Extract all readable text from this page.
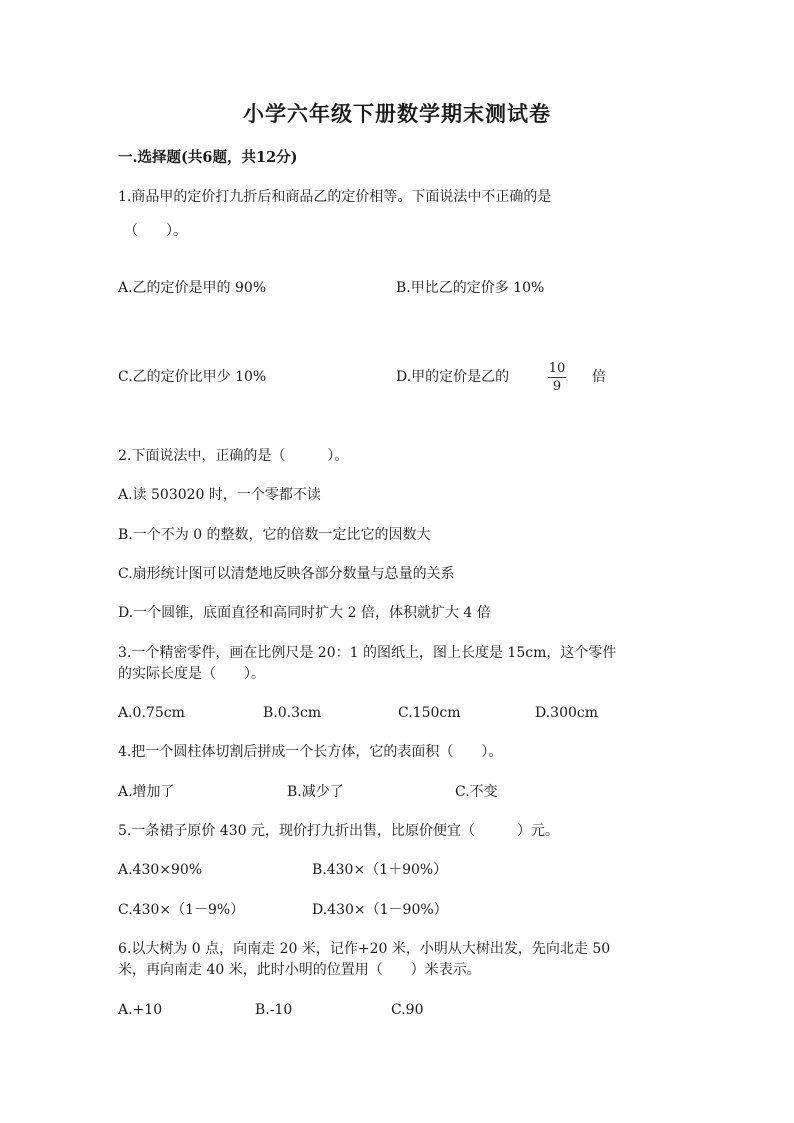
小学六年级下册数学期末测试卷
一.选择题(共6题，共12分)
1.商品甲的定价打九折后和商品乙的定价相等。下面说法中不正确的是
（　　）。
A.乙的定价是甲的 90%	B.甲比乙的定价多 10%
C.乙的定价比甲少 10%	D.甲的定价是乙的
10
9
倍
2.下面说法中，正确的是（　　　）。
A.读 503020 时，一个零都不读
B.一个不为 0 的整数，它的倍数一定比它的因数大
C.扇形统计图可以清楚地反映各部分数量与总量的关系
D.一个圆锥，底面直径和高同时扩大 2 倍，体积就扩大 4 倍
3.一个精密零件，画在比例尺是 20：1 的图纸上，图上长度是 15cm，这个零件
的实际长度是（　　）。
A.0.75cm	B.0.3cm	C.150cm	D.300cm
4.把一个圆柱体切割后拼成一个长方体，它的表面积（　　）。
A.增加了	B.减少了	C.不变
5.一条裙子原价 430 元，现价打九折出售，比原价便宜（　　　）元。
A.430×90%	B.430×（1＋90%）
C.430×（1－9%）	D.430×（1－90%）
6.以大树为 0 点，向南走 20 米，记作+20 米，小明从大树出发，先向北走 50
米，再向南走 40 米，此时小明的位置用（　　）米表示。
A.+10	B.-10	C.90
